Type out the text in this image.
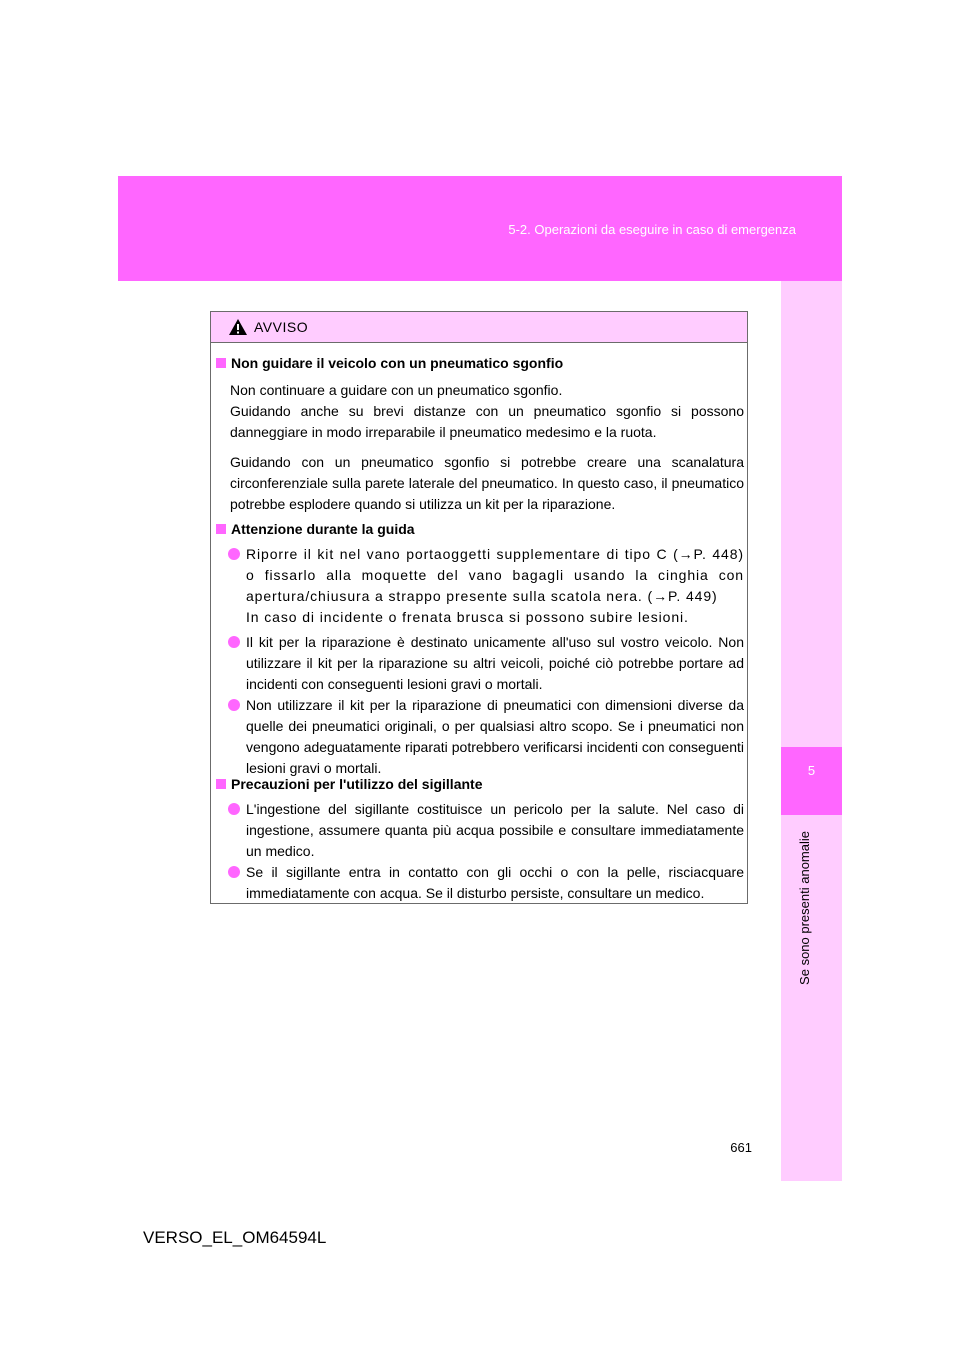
5-2. Operazioni da eseguire in caso di emergenza
5
Se sono presenti anomalie
AVVISO
Non guidare il veicolo con un pneumatico sgonfio
Non continuare a guidare con un pneumatico sgonfio.
Guidando anche su brevi distanze con un pneumatico sgonfio si possono danneggiare in modo irreparabile il pneumatico medesimo e la ruota.
Guidando con un pneumatico sgonfio si potrebbe creare una scanalatura circonferenziale sulla parete laterale del pneumatico. In questo caso, il pneumatico potrebbe esplodere quando si utilizza un kit per la riparazione.
Attenzione durante la guida
Riporre il kit nel vano portaoggetti supplementare di tipo C (→P. 448) o fissarlo alla moquette del vano bagagli usando la cinghia con apertura/chiusura a strappo presente sulla scatola nera. (→P. 449)
In caso di incidente o frenata brusca si possono subire lesioni.
Il kit per la riparazione è destinato unicamente all'uso sul vostro veicolo. Non utilizzare il kit per la riparazione su altri veicoli, poiché ciò potrebbe portare ad incidenti con conseguenti lesioni gravi o mortali.
Non utilizzare il kit per la riparazione di pneumatici con dimensioni diverse da quelle dei pneumatici originali, o per qualsiasi altro scopo. Se i pneumatici non vengono adeguatamente riparati potrebbero verificarsi incidenti con conseguenti lesioni gravi o mortali.
Precauzioni per l'utilizzo del sigillante
L'ingestione del sigillante costituisce un pericolo per la salute. Nel caso di ingestione, assumere quanta più acqua possibile e consultare immediatamente un medico.
Se il sigillante entra in contatto con gli occhi o con la pelle, risciacquare immediatamente con acqua. Se il disturbo persiste, consultare un medico.
661
VERSO_EL_OM64594L
